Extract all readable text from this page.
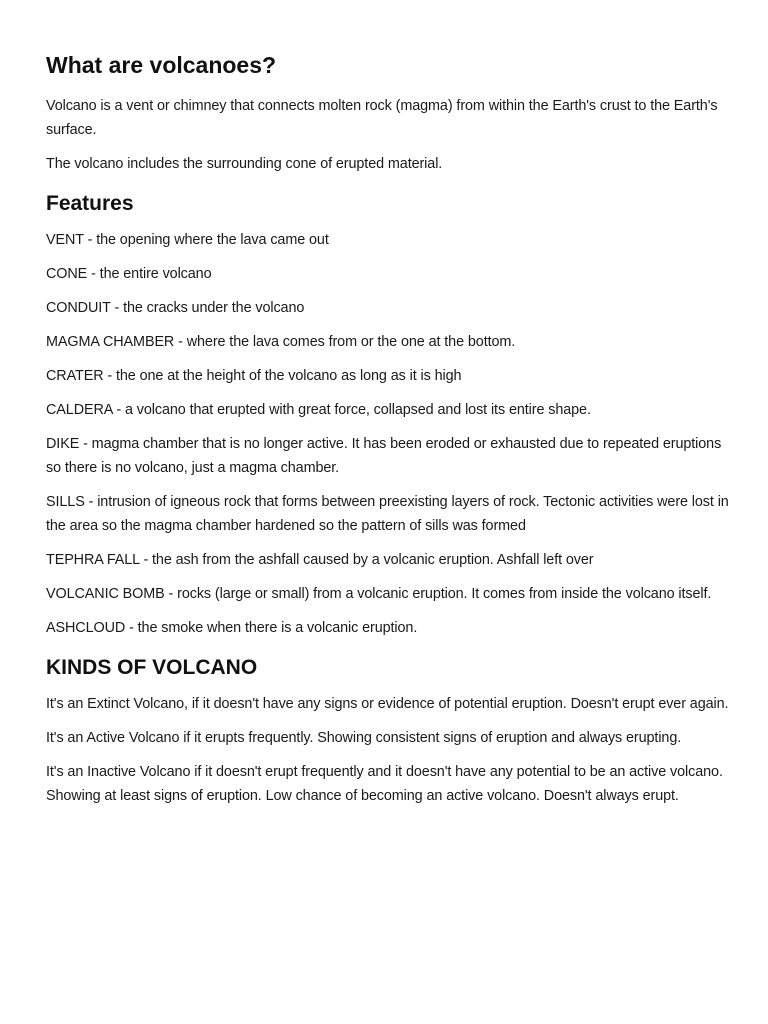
What are volcanoes?

Volcano is a vent or chimney that connects molten rock (magma) from within the Earth's crust to the Earth's surface.

The volcano includes the surrounding cone of erupted material.

Features

VENT - the opening where the lava came out

CONE - the entire volcano

CONDUIT - the cracks under the volcano

MAGMA CHAMBER - where the lava comes from or the one at the bottom.

CRATER - the one at the height of the volcano as long as it is high

CALDERA - a volcano that erupted with great force, collapsed and lost its entire shape.

DIKE - magma chamber that is no longer active. It has been eroded or exhausted due to repeated eruptions so there is no volcano, just a magma chamber.

SILLS - intrusion of igneous rock that forms between preexisting layers of rock. Tectonic activities were lost in the area so the magma chamber hardened so the pattern of sills was formed

TEPHRA FALL - the ash from the ashfall caused by a volcanic eruption. Ashfall left over

VOLCANIC BOMB - rocks (large or small) from a volcanic eruption. It comes from inside the volcano itself.

ASHCLOUD - the smoke when there is a volcanic eruption.

KINDS OF VOLCANO

It's an Extinct Volcano, if it doesn't have any signs or evidence of potential eruption. Doesn't erupt ever again.

It's an Active Volcano if it erupts frequently. Showing consistent signs of eruption and always erupting.

It's an Inactive Volcano if it doesn't erupt frequently and it doesn't have any potential to be an active volcano. Showing at least signs of eruption. Low chance of becoming an active volcano. Doesn't always erupt.
